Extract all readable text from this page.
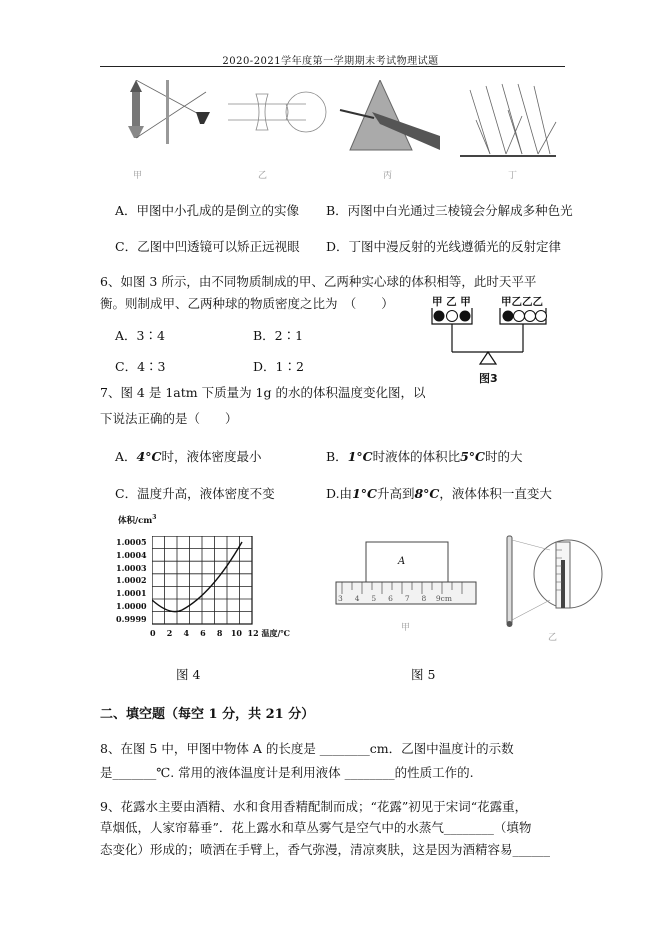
2020-2021学年度第一学期期末考试物理试题
甲	乙	丙	丁
A．甲图中小孔成的是倒立的实像 B．丙图中白光通过三棱镜会分解成多种色光
C．乙图中凹透镜可以矫正远视眼 D．丁图中漫反射的光线遵循光的反射定律
6、如图 3 所示，由不同物质制成的甲、乙两种实心球的体积相等，此时天平平
衡。则制成甲、乙两种球的物质密度之比为　（　　）
A．3∶4	B．2∶1
C．4∶3	D．1∶2
甲 乙 甲	甲乙乙乙
图3
7、图 4 是 1atm 下质量为 1g 的水的体积温度变化图，以
下说法正确的是（　　）
A．4°C时，液体密度最小	B．1°C时液体的体积比5°C时的大
C．温度升高，液体密度不变	D.由1°C升高到8°C，液体体积一直变大
体积$/cm^3$
1.0005
1.0004
1.0003
1.0002
1.0001
1.0000
0.9999
0 2 4 6 8 10 12 温度/℃
A
3 4 5 6 7 8 9cm
甲
乙
图 4	图 5
二、填空题（每空 1 分，共 21 分）
8、在图 5 中，甲图中物体 A 的长度是 ________cm．乙图中温度计的示数
是_______℃. 常用的液体温度计是利用液体 ________的性质工作的.
9、花露水主要由酒精、水和食用香精配制而成；“花露”初见于宋词“花露重，
草烟低，人家帘幕垂”．花上露水和草丛雾气是空气中的水蒸气________（填物
态变化）形成的；喷洒在手臂上，香气弥漫，清凉爽肤，这是因为酒精容易______
